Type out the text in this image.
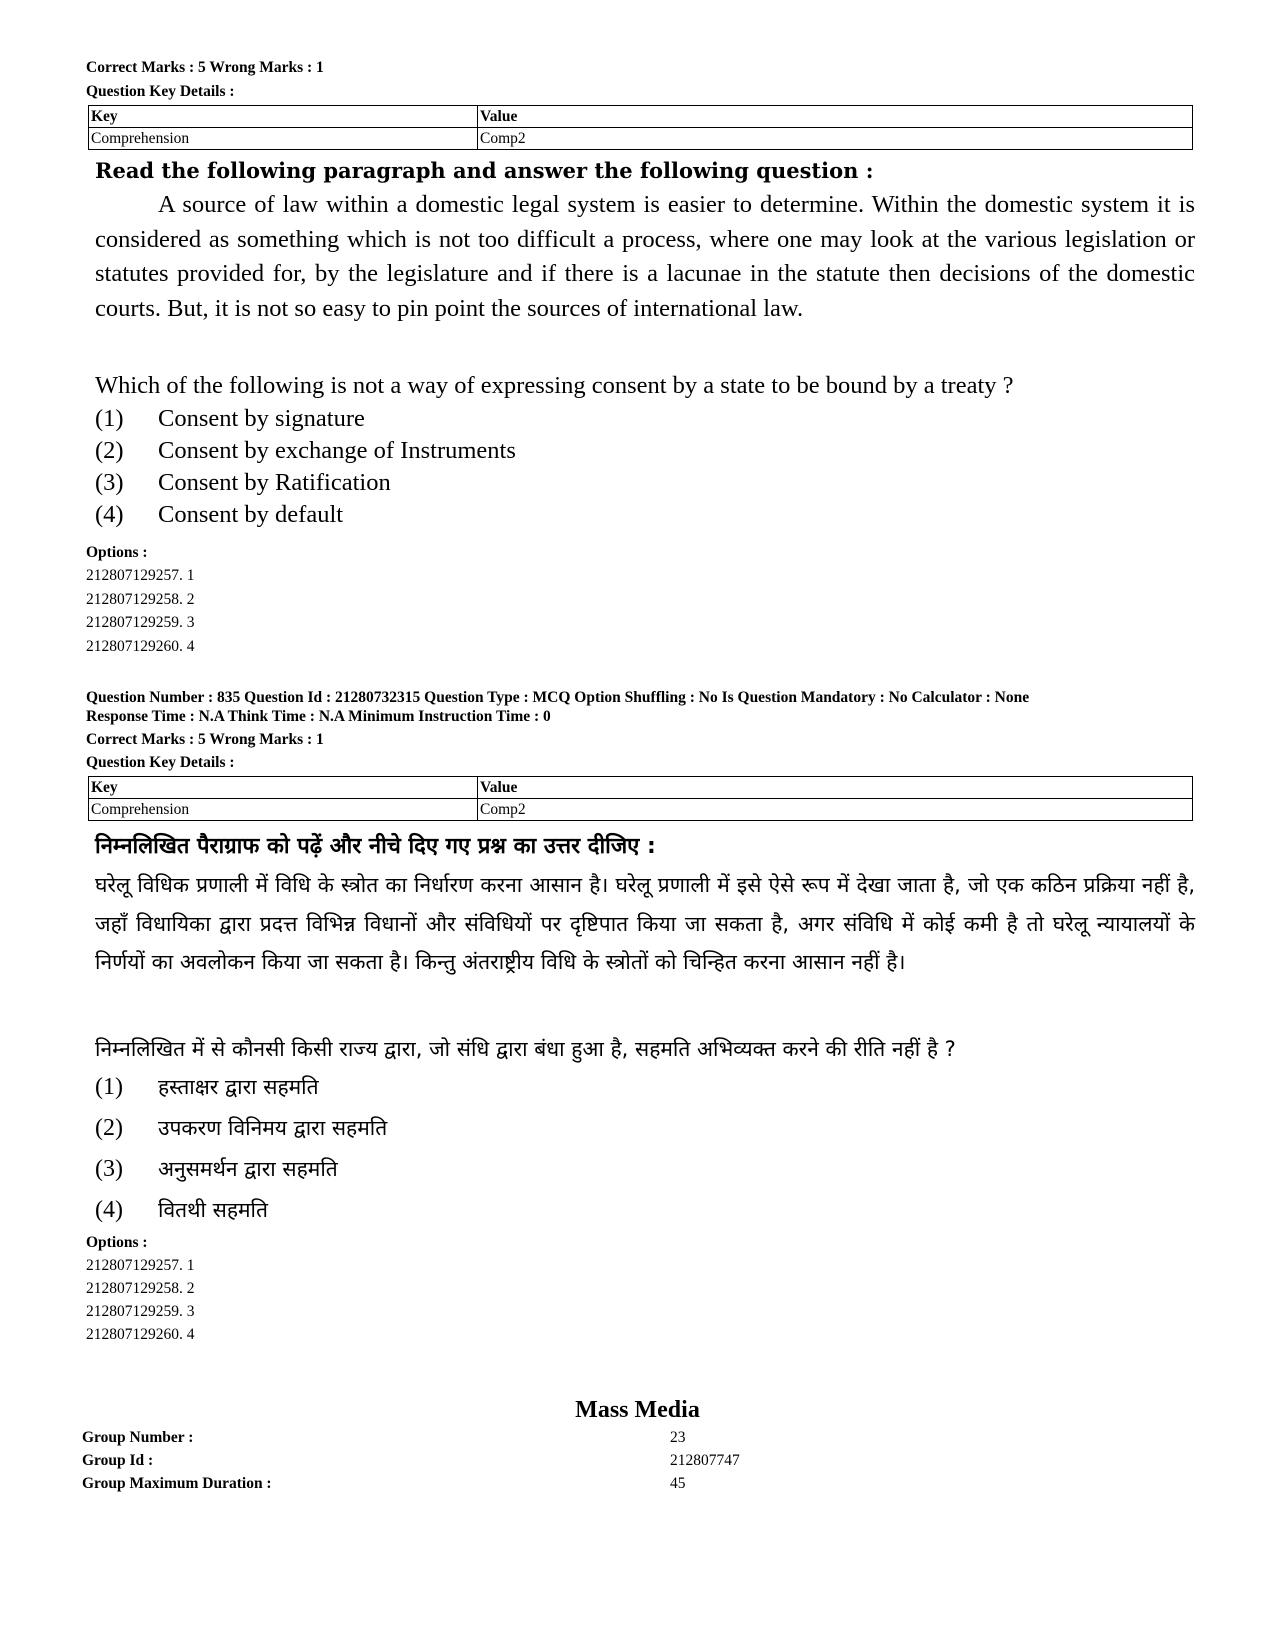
Correct Marks : 5 Wrong Marks : 1
Question Key Details :
Key	Value
Comprehension	Comp2
Read the following paragraph and answer the following question :
A source of law within a domestic legal system is easier to determine. Within the domestic system it is considered as something which is not too difficult a process, where one may look at the various legislation or statutes provided for, by the legislature and if there is a lacunae in the statute then decisions of the domestic courts. But, it is not so easy to pin point the sources of international law.
Which of the following is not a way of expressing consent by a state to be bound by a treaty ?
(1) Consent by signature
(2) Consent by exchange of Instruments
(3) Consent by Ratification
(4) Consent by default
Options :
212807129257. 1
212807129258. 2
212807129259. 3
212807129260. 4
Question Number : 835 Question Id : 21280732315 Question Type : MCQ Option Shuffling : No Is Question Mandatory : No Calculator : None
Response Time : N.A Think Time : N.A Minimum Instruction Time : 0
Correct Marks : 5 Wrong Marks : 1
Question Key Details :
Key	Value
Comprehension	Comp2
निम्नलिखित पैराग्राफ को पढ़ें और नीचे दिए गए प्रश्न का उत्तर दीजिए :
घरेलू विधिक प्रणाली में विधि के स्त्रोत का निर्धारण करना आसान है। घरेलू प्रणाली में इसे ऐसे रूप में देखा जाता है, जो एक कठिन प्रक्रिया नहीं है, जहाँ विधायिका द्वारा प्रदत्त विभिन्न विधानों और संविधियों पर दृष्टिपात किया जा सकता है, अगर संविधि में कोई कमी है तो घरेलू न्यायालयों के निर्णयों का अवलोकन किया जा सकता है। किन्तु अंतराष्ट्रीय विधि के स्त्रोतों को चिन्हित करना आसान नहीं है।
निम्नलिखित में से कौनसी किसी राज्य द्वारा, जो संधि द्वारा बंधा हुआ है, सहमति अभिव्यक्त करने की रीति नहीं है ?
(1) हस्ताक्षर द्वारा सहमति
(2) उपकरण विनिमय द्वारा सहमति
(3) अनुसमर्थन द्वारा सहमति
(4) वितथी सहमति
Options :
212807129257. 1
212807129258. 2
212807129259. 3
212807129260. 4
Mass Media
Group Number :	23
Group Id :	212807747
Group Maximum Duration :	45
